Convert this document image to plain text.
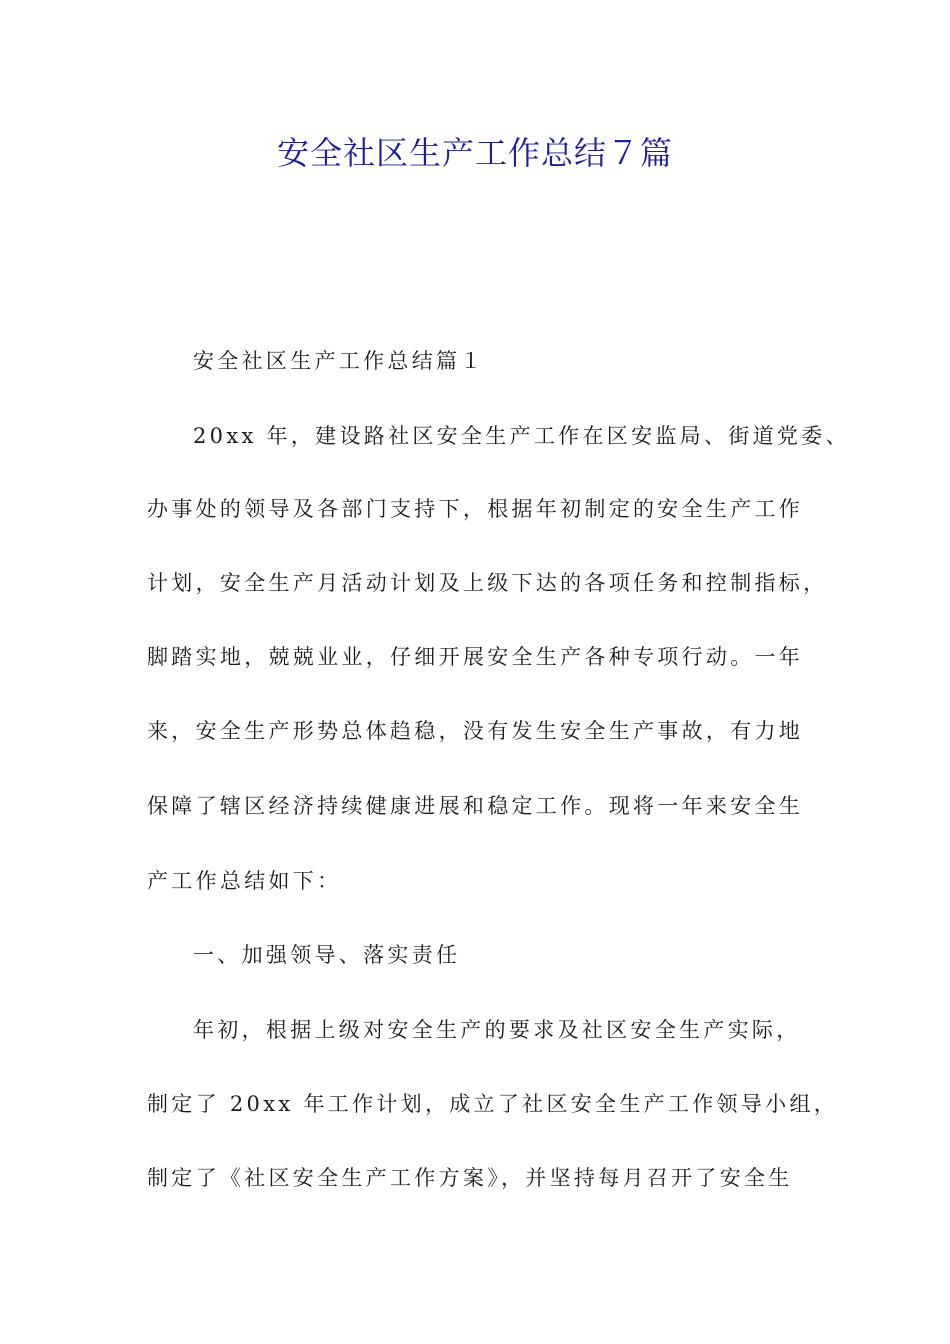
安全社区生产工作总结７篇
安全社区生产工作总结篇１
20xx 年，建设路社区安全生产工作在区安监局、街道党委、
办事处的领导及各部门支持下，根据年初制定的安全生产工作
计划，安全生产月活动计划及上级下达的各项任务和控制指标，
脚踏实地，兢兢业业，仔细开展安全生产各种专项行动。一年
来，安全生产形势总体趋稳，没有发生安全生产事故，有力地
保障了辖区经济持续健康进展和稳定工作。现将一年来安全生
产工作总结如下：
一、加强领导、落实责任
年初，根据上级对安全生产的要求及社区安全生产实际，
制定了 20xx 年工作计划，成立了社区安全生产工作领导小组，
制定了《社区安全生产工作方案》，并坚持每月召开了安全生
